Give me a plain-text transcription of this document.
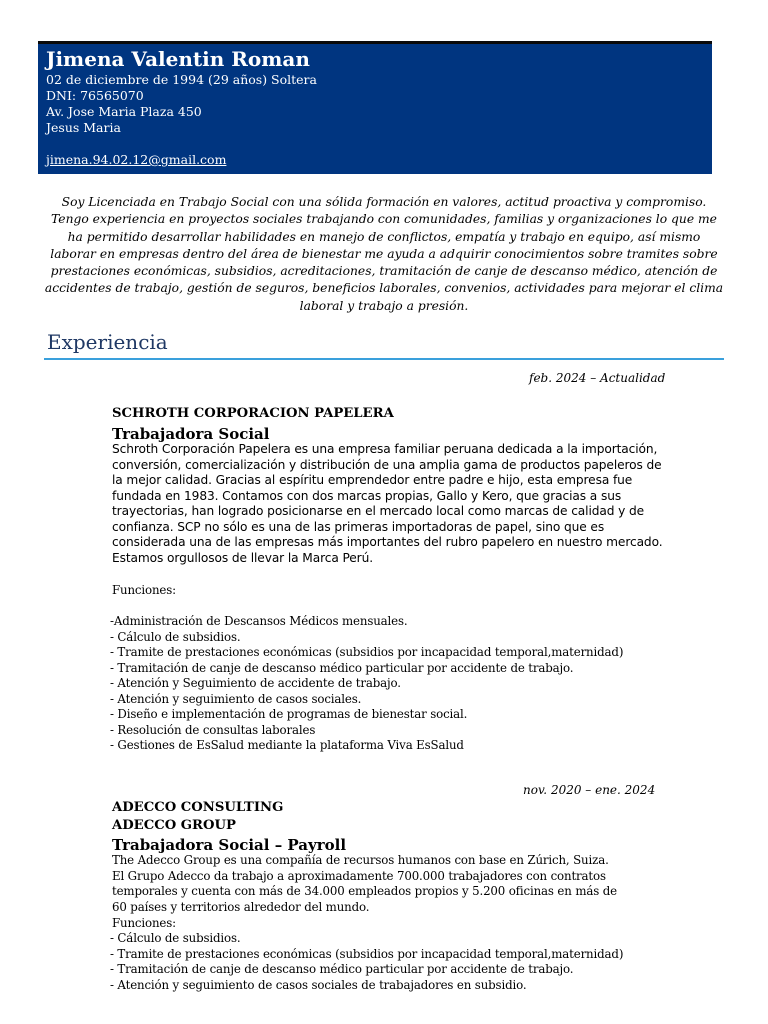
Jimena Valentin Roman
02 de diciembre de 1994 (29 años) Soltera
DNI: 76565070
Av. Jose Maria Plaza 450
Jesus Maria
jimena.94.02.12@gmail.com
Soy Licenciada en Trabajo Social con una sólida formación en valores, actitud proactiva y compromiso. Tengo experiencia en proyectos sociales trabajando con comunidades, familias y organizaciones lo que me ha permitido desarrollar habilidades en manejo de conflictos, empatía y trabajo en equipo, así mismo laborar en empresas dentro del área de bienestar me ayuda a adquirir conocimientos sobre tramites sobre prestaciones económicas, subsidios, acreditaciones, tramitación de canje de descanso médico, atención de accidentes de trabajo, gestión de seguros, beneficios laborales, convenios, actividades para mejorar el clima laboral y trabajo a presión.
Experiencia
feb. 2024 – Actualidad
SCHROTH CORPORACION PAPELERA
Trabajadora Social
Schroth Corporación Papelera es una empresa familiar peruana dedicada a la importación, conversión, comercialización y distribución de una amplia gama de productos papeleros de la mejor calidad. Gracias al espíritu emprendedor entre padre e hijo, esta empresa fue fundada en 1983. Contamos con dos marcas propias, Gallo y Kero, que gracias a sus trayectorias, han logrado posicionarse en el mercado local como marcas de calidad y de confianza. SCP no sólo es una de las primeras importadoras de papel, sino que es considerada una de las empresas más importantes del rubro papelero en nuestro mercado. Estamos orgullosos de llevar la Marca Perú.
Funciones:
-Administración de Descansos Médicos mensuales.
- Cálculo de subsidios.
- Tramite de prestaciones económicas (subsidios por incapacidad temporal,maternidad)
- Tramitación de canje de descanso médico particular por accidente de trabajo.
- Atención y Seguimiento de accidente de trabajo.
- Atención y seguimiento de casos sociales.
- Diseño e implementación de programas de bienestar social.
- Resolución de consultas laborales
- Gestiones de EsSalud mediante la plataforma Viva EsSalud
nov. 2020 – ene. 2024
ADECCO CONSULTING
ADECCO GROUP
Trabajadora Social – Payroll
The Adecco Group es una compañía de recursos humanos con base en Zúrich, Suiza.
El Grupo Adecco da trabajo a aproximadamente 700.000 trabajadores con contratos
temporales y cuenta con más de 34.000 empleados propios y 5.200 oficinas en más de
60 países y territorios alrededor del mundo.
Funciones:
- Cálculo de subsidios.
- Tramite de prestaciones económicas (subsidios por incapacidad temporal,maternidad)
- Tramitación de canje de descanso médico particular por accidente de trabajo.
- Atención y seguimiento de casos sociales de trabajadores en subsidio.
